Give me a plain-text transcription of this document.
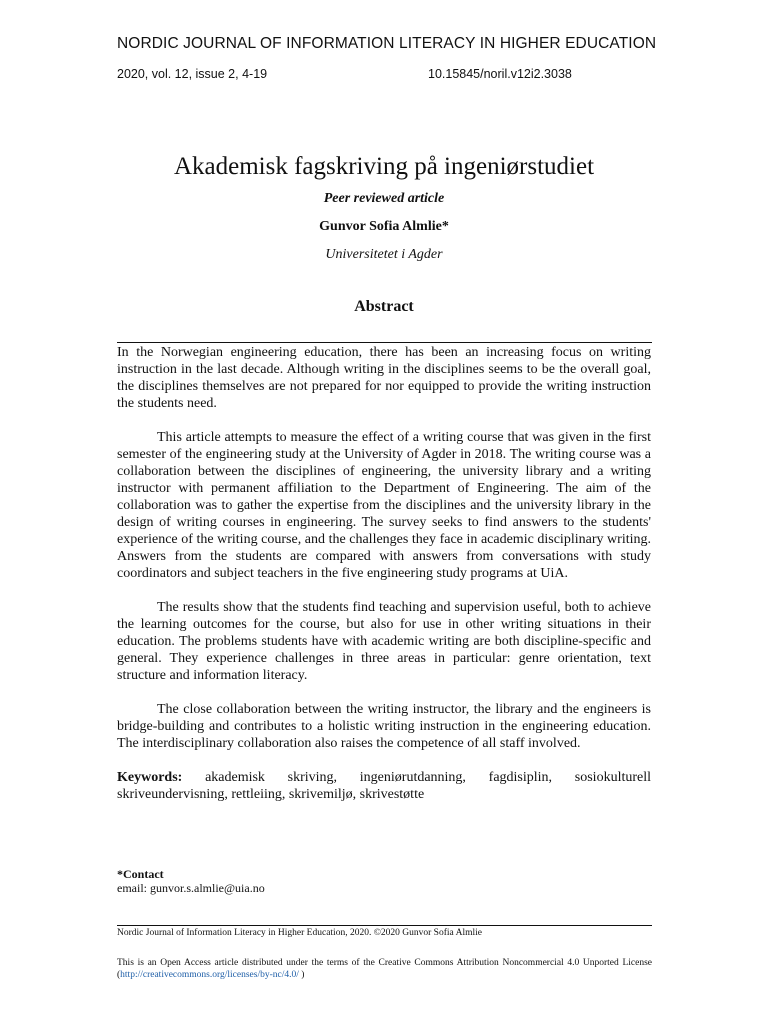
NORDIC JOURNAL OF INFORMATION LITERACY IN HIGHER EDUCATION
2020, vol. 12, issue 2, 4-19	10.15845/noril.v12i2.3038
Akademisk fagskriving på ingeniørstudiet
Peer reviewed article
Gunvor Sofia Almlie*
Universitetet i Agder
Abstract

In the Norwegian engineering education, there has been an increasing focus on writing instruction in the last decade. Although writing in the disciplines seems to be the overall goal, the disciplines themselves are not prepared for nor equipped to provide the writing instruction the students need.

This article attempts to measure the effect of a writing course that was given in the first semester of the engineering study at the University of Agder in 2018. The writing course was a collaboration between the disciplines of engineering, the university library and a writing instructor with permanent affiliation to the Department of Engineering. The aim of the collaboration was to gather the expertise from the disciplines and the university library in the design of writing courses in engineering. The survey seeks to find answers to the students' experience of the writing course, and the challenges they face in academic disciplinary writing. Answers from the students are compared with answers from conversations with study coordinators and subject teachers in the five engineering study programs at UiA.

The results show that the students find teaching and supervision useful, both to achieve the learning outcomes for the course, but also for use in other writing situations in their education. The problems students have with academic writing are both discipline-specific and general. They experience challenges in three areas in particular: genre orientation, text structure and information literacy.

The close collaboration between the writing instructor, the library and the engineers is bridge-building and contributes to a holistic writing instruction in the engineering education. The interdisciplinary collaboration also raises the competence of all staff involved.

Keywords: akademisk skriving, ingeniørutdanning, fagdisiplin, sosiokulturell skriveundervisning, rettleiing, skrivemiljø, skrivestøtte

*Contact
email: gunvor.s.almlie@uia.no
Nordic Journal of Information Literacy in Higher Education, 2020. ©2020 Gunvor Sofia Almlie
This is an Open Access article distributed under the terms of the Creative Commons Attribution Noncommercial 4.0 Unported License (http://creativecommons.org/licenses/by-nc/4.0/ )
